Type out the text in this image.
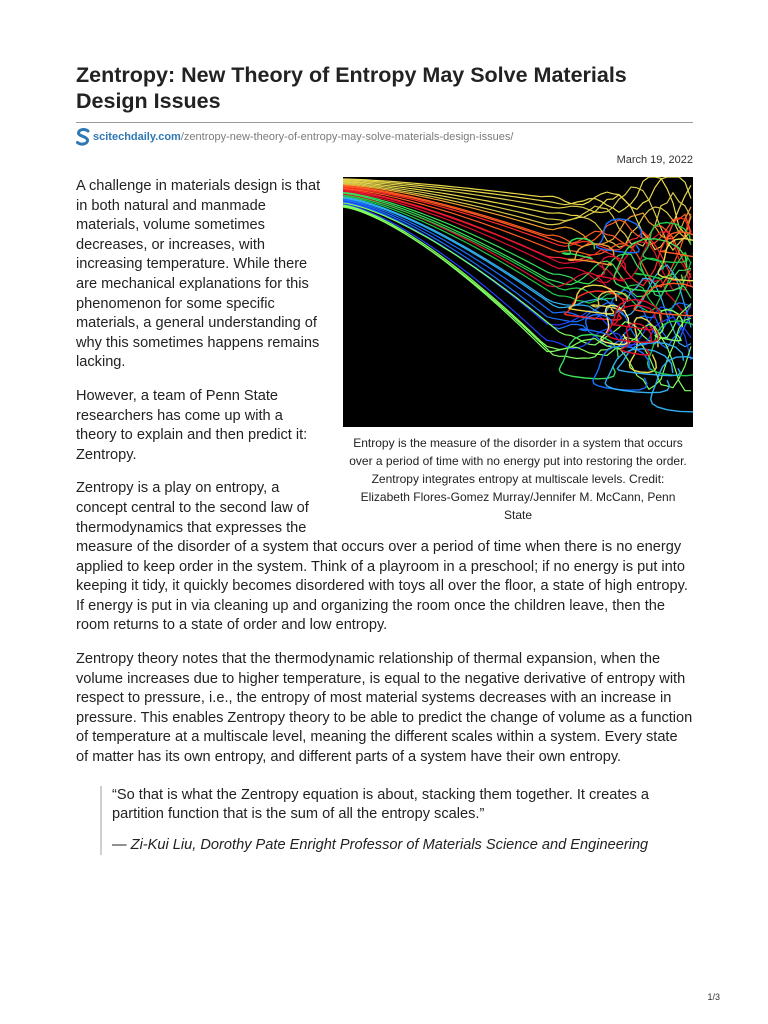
Zentropy: New Theory of Entropy May Solve Materials Design Issues
scitechdaily.com/zentropy-new-theory-of-entropy-may-solve-materials-design-issues/
March 19, 2022
Entropy is the measure of the disorder in a system that occurs over a period of time with no energy put into restoring the order. Zentropy integrates entropy at multiscale levels. Credit: Elizabeth Flores-Gomez Murray/Jennifer M. McCann, Penn State

A challenge in materials design is that in both natural and manmade materials, volume sometimes decreases, or increases, with increasing temperature. While there are mechanical explanations for this phenomenon for some specific materials, a general understanding of why this sometimes happens remains lacking.

However, a team of Penn State researchers has come up with a theory to explain and then predict it: Zentropy.

Zentropy is a play on entropy, a concept central to the second law of thermodynamics that expresses the measure of the disorder of a system that occurs over a period of time when there is no energy applied to keep order in the system. Think of a playroom in a preschool; if no energy is put into keeping it tidy, it quickly becomes disordered with toys all over the floor, a state of high entropy. If energy is put in via cleaning up and organizing the room once the children leave, then the room returns to a state of order and low entropy.

Zentropy theory notes that the thermodynamic relationship of thermal expansion, when the volume increases due to higher temperature, is equal to the negative derivative of entropy with respect to pressure, i.e., the entropy of most material systems decreases with an increase in pressure. This enables Zentropy theory to be able to predict the change of volume as a function of temperature at a multiscale level, meaning the different scales within a system. Every state of matter has its own entropy, and different parts of a system have their own entropy.

“So that is what the Zentropy equation is about, stacking them together. It creates a partition function that is the sum of all the entropy scales.”

— Zi-Kui Liu, Dorothy Pate Enright Professor of Materials Science and Engineering

1/3
